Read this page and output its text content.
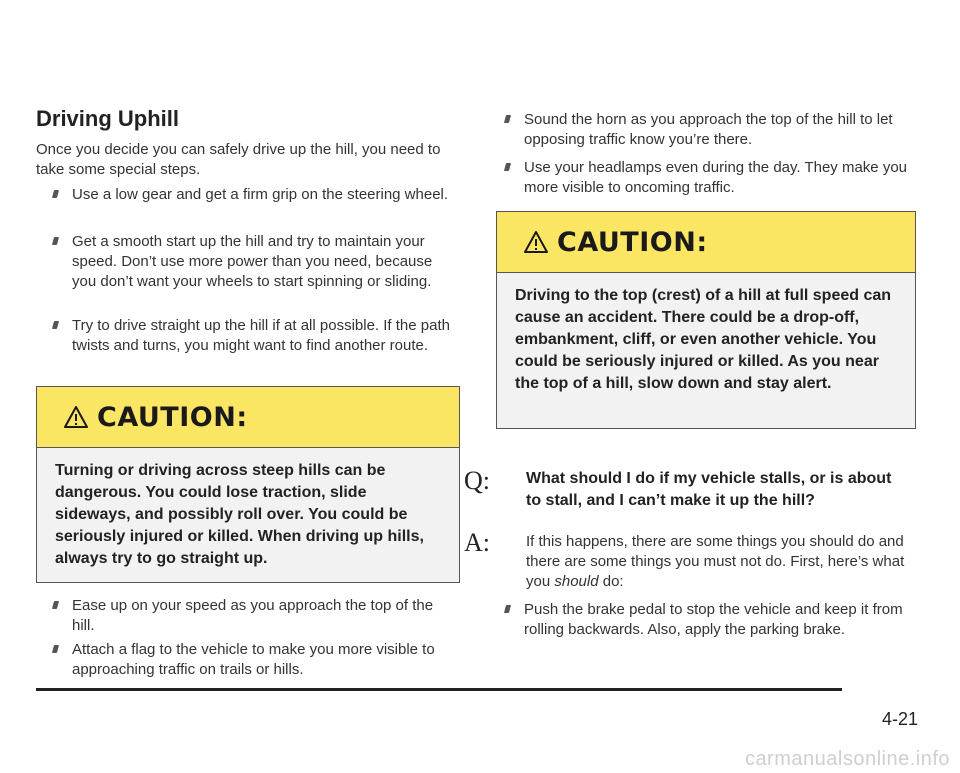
Driving Uphill

Once you decide you can safely drive up the hill, you need to take some special steps.

Use a low gear and get a firm grip on the steering wheel.
Get a smooth start up the hill and try to maintain your speed. Don’t use more power than you need, because you don’t want your wheels to start spinning or sliding.
Try to drive straight up the hill if at all possible. If the path twists and turns, you might want to find another route.
CAUTION:

Turning or driving across steep hills can be dangerous. You could lose traction, slide sideways, and possibly roll over. You could be seriously injured or killed. When driving up hills, always try to go straight up.

Ease up on your speed as you approach the top of the hill.
Attach a flag to the vehicle to make you more visible to approaching traffic on trails or hills.
Sound the horn as you approach the top of the hill to let opposing traffic know you’re there.
Use your headlamps even during the day. They make you more visible to oncoming traffic.
CAUTION:

Driving to the top (crest) of a hill at full speed can cause an accident. There could be a drop-off, embankment, cliff, or even another vehicle. You could be seriously injured or killed. As you near the top of a hill, slow down and stay alert.

Q: What should I do if my vehicle stalls, or is about to stall, and I can’t make it up the hill?
A: If this happens, there are some things you should do and there are some things you must not do. First, here’s what you should do:
Push the brake pedal to stop the vehicle and keep it from rolling backwards. Also, apply the parking brake.
4-21
carmanualsonline.info
